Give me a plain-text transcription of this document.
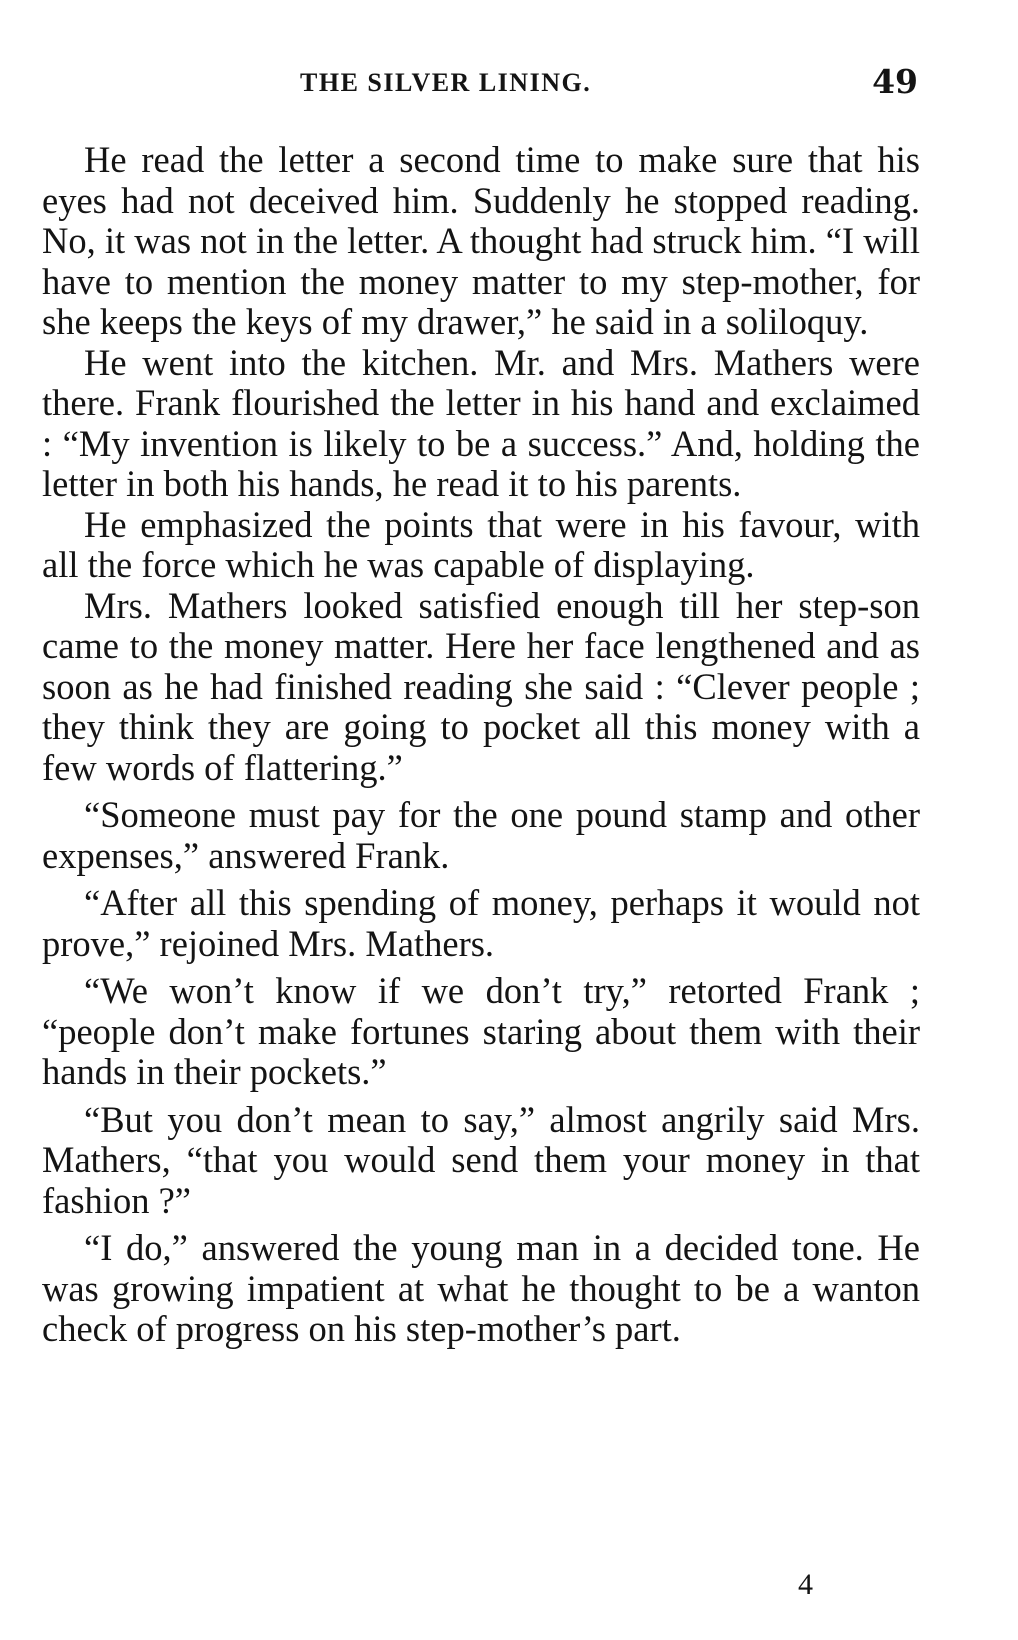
THE SILVER LINING.	49

He read the letter a second time to make sure that his eyes had not deceived him. Suddenly he stopped reading. No, it was not in the letter. A thought had struck him. “I will have to mention the money matter to my step-mother, for she keeps the keys of my drawer,” he said in a soliloquy.

He went into the kitchen. Mr. and Mrs. Mathers were there. Frank flourished the letter in his hand and exclaimed : “My invention is likely to be a success.” And, holding the letter in both his hands, he read it to his parents.

He emphasized the points that were in his favour, with all the force which he was capable of displaying.

Mrs. Mathers looked satisfied enough till her step-son came to the money matter. Here her face lengthened and as soon as he had finished reading she said : “Clever people ; they think they are going to pocket all this money with a few words of flattering.”

“Someone must pay for the one pound stamp and other expenses,” answered Frank.

“After all this spending of money, perhaps it would not prove,” rejoined Mrs. Mathers.

“We won’t know if we don’t try,” retorted Frank ; “people don’t make fortunes staring about them with their hands in their pockets.”

“But you don’t mean to say,” almost angrily said Mrs. Mathers, “that you would send them your money in that fashion ?”

“I do,” answered the young man in a decided tone. He was growing impatient at what he thought to be a wanton check of progress on his step-mother’s part.

4
